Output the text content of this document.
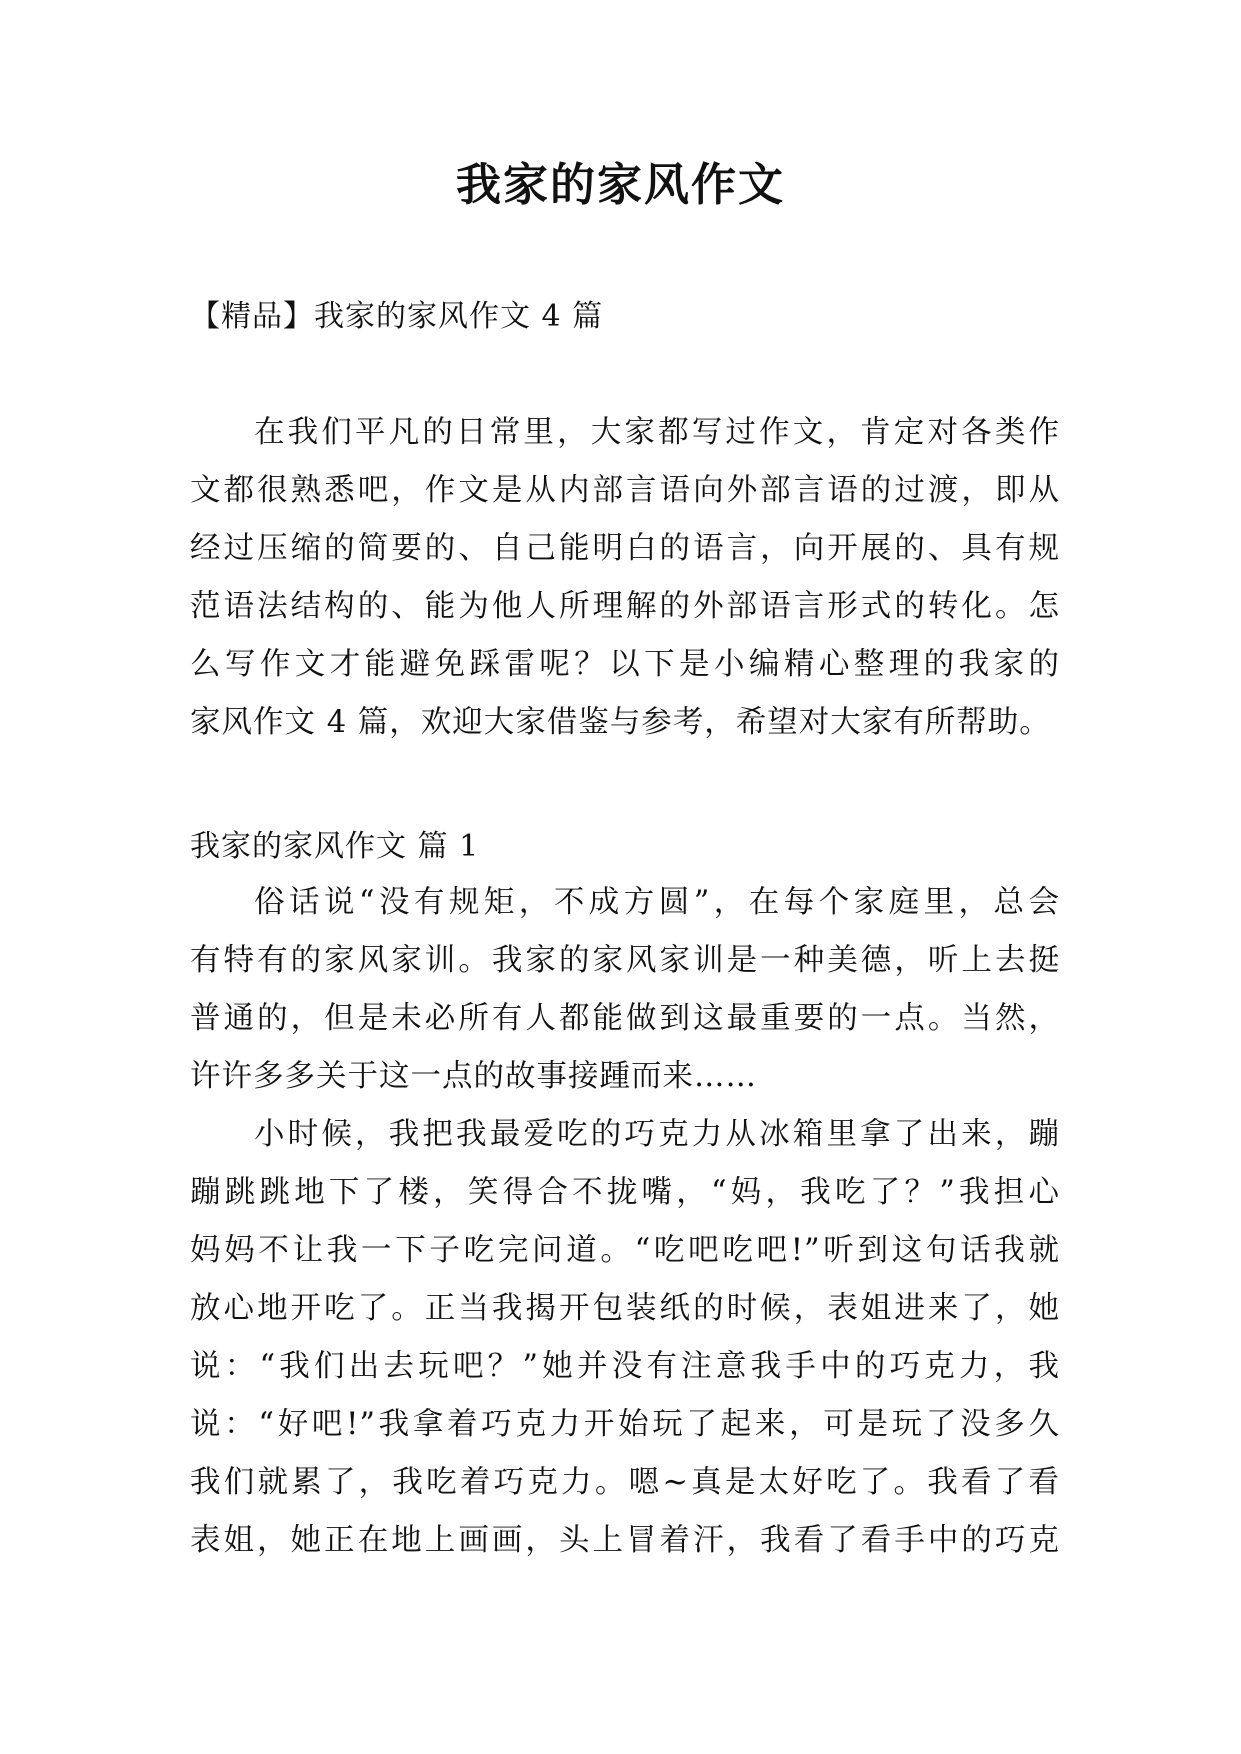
我家的家风作文
【精品】我家的家风作文 4 篇
在我们平凡的日常里，大家都写过作文，肯定对各类作
文都很熟悉吧，作文是从内部言语向外部言语的过渡，即从
经过压缩的简要的、自己能明白的语言，向开展的、具有规
范语法结构的、能为他人所理解的外部语言形式的转化。怎
么写作文才能避免踩雷呢？以下是小编精心整理的我家的
家风作文 4 篇，欢迎大家借鉴与参考，希望对大家有所帮助。
我家的家风作文 篇 1
俗话说“没有规矩，不成方圆”，在每个家庭里，总会
有特有的家风家训。我家的家风家训是一种美德，听上去挺
普通的，但是未必所有人都能做到这最重要的一点。当然，
许许多多关于这一点的故事接踵而来……
小时候，我把我最爱吃的巧克力从冰箱里拿了出来，蹦
蹦跳跳地下了楼，笑得合不拢嘴，“妈，我吃了？”我担心
妈妈不让我一下子吃完问道。“吃吧吃吧!”听到这句话我就
放心地开吃了。正当我揭开包装纸的时候，表姐进来了，她
说：“我们出去玩吧？”她并没有注意我手中的巧克力，我
说：“好吧!”我拿着巧克力开始玩了起来，可是玩了没多久
我们就累了，我吃着巧克力。嗯~真是太好吃了。我看了看
表姐，她正在地上画画，头上冒着汗，我看了看手中的巧克
